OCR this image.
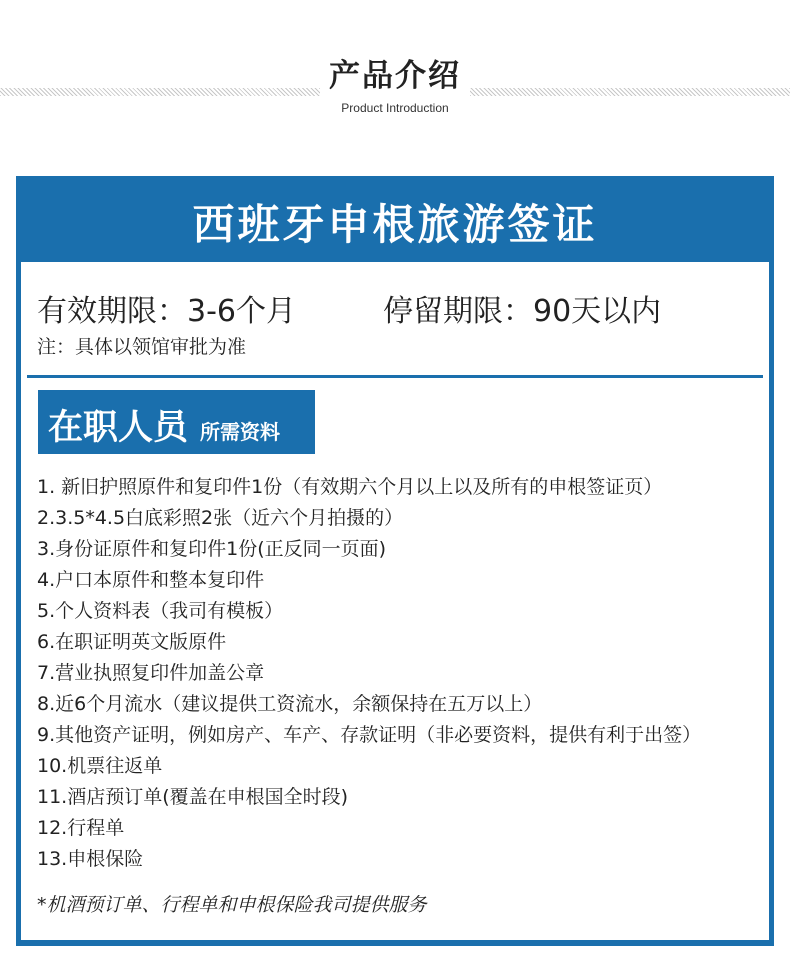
产品介绍
Product Introduction
西班牙申根旅游签证
有效期限：3-6个月	停留期限：90天以内
注：具体以领馆审批为准
在职人员 所需资料
1. 新旧护照原件和复印件1份（有效期六个月以上以及所有的申根签证页）
2.3.5*4.5白底彩照2张（近六个月拍摄的）
3.身份证原件和复印件1份(正反同一页面)
4.户口本原件和整本复印件
5.个人资料表（我司有模板）
6.在职证明英文版原件
7.营业执照复印件加盖公章
8.近6个月流水（建议提供工资流水，余额保持在五万以上）
9.其他资产证明，例如房产、车产、存款证明（非必要资料，提供有利于出签）
10.机票往返单
11.酒店预订单(覆盖在申根国全时段)
12.行程单
13.申根保险
*机酒预订单、行程单和申根保险我司提供服务
